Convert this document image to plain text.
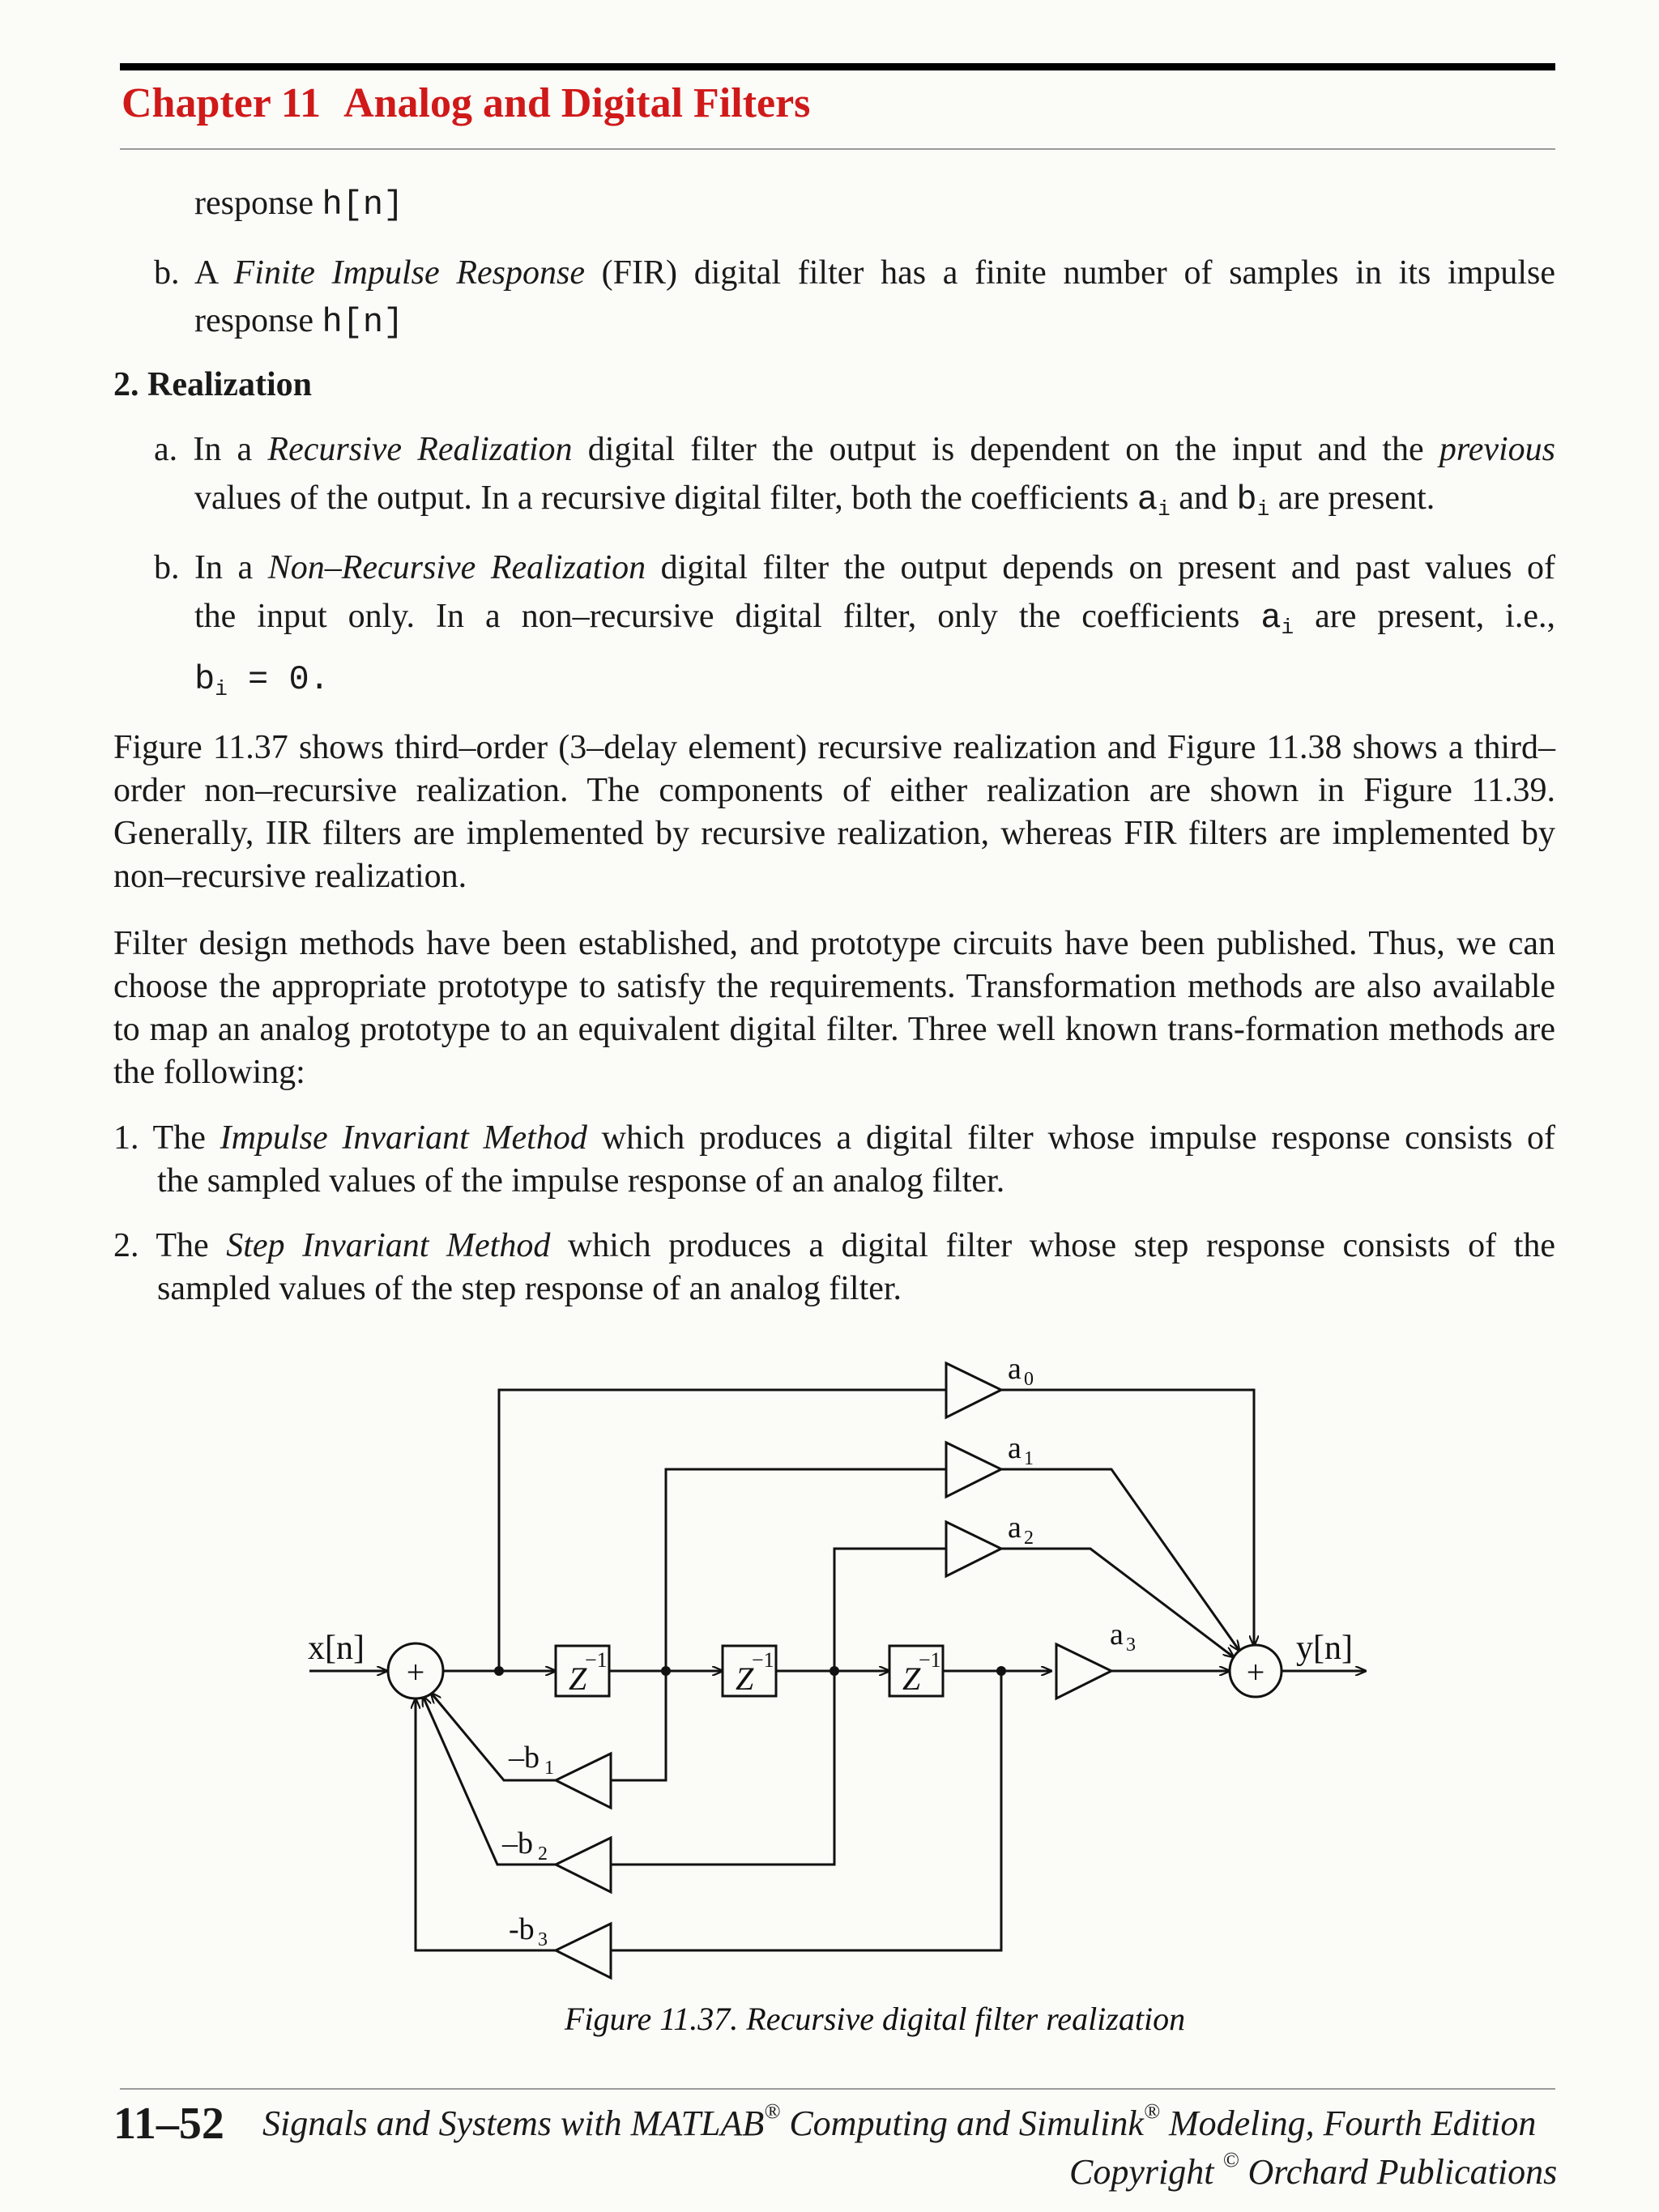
Chapter 11 Analog and Digital Filters
response h[n]
b. A Finite Impulse Response (FIR) digital filter has a finite number of samples in its impulse
response h[n]
2. Realization
a. In a Recursive Realization digital filter the output is dependent on the input and the previous
values of the output. In a recursive digital filter, both the coefficients $a_i$ and $b_i$ are present.
b. In a Non–Recursive Realization digital filter the output depends on present and past values of
the input only. In a non–recursive digital filter, only the coefficients $a_i$ are present, i.e.,
$b_i = 0$.
Figure 11.37 shows third–order (3–delay element) recursive realization and Figure 11.38 shows a third–order non–recursive realization. The components of either realization are shown in Figure 11.39. Generally, IIR filters are implemented by recursive realization, whereas FIR filters are implemented by non–recursive realization.
Filter design methods have been established, and prototype circuits have been published. Thus, we can choose the appropriate prototype to satisfy the requirements. Transformation methods are also available to map an analog prototype to an equivalent digital filter. Three well known trans-formation methods are the following:
1. The Impulse Invariant Method which produces a digital filter whose impulse response consists of
the sampled values of the impulse response of an analog filter.
2. The Step Invariant Method which produces a digital filter whose step response consists of the
sampled values of the step response of an analog filter.
x[n]	y[n]
+	+
Z
−1
Z
−1
Z
−1
a 0
a 1
a 2
a 3
–b 1
–b 2
-b 3
Figure 11.37. Recursive digital filter realization
11–52 Signals and Systems with MATLAB® Computing and Simulink® Modeling, Fourth Edition
Copyright © Orchard Publications
